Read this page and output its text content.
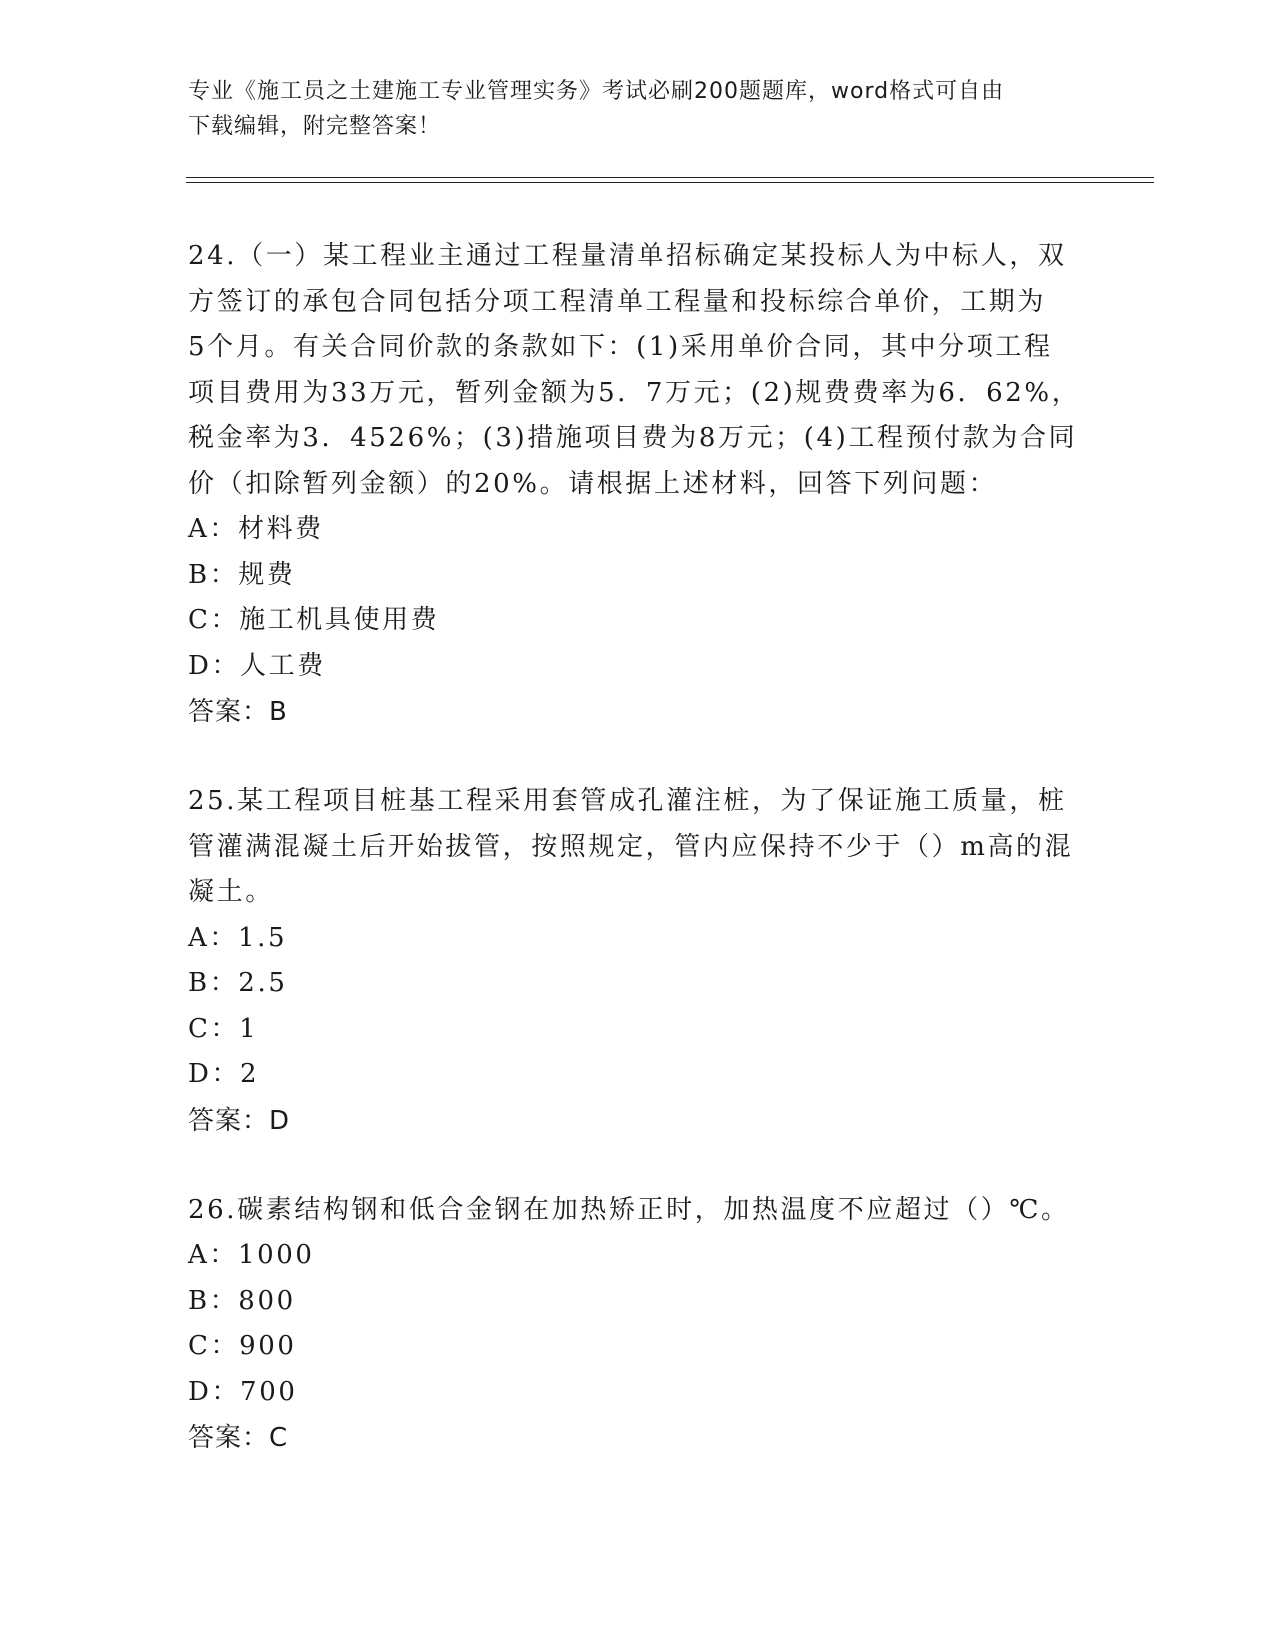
专业《施工员之土建施工专业管理实务》考试必刷200题题库，word格式可自由
下载编辑，附完整答案！

24.（一）某工程业主通过工程量清单招标确定某投标人为中标人，双
方签订的承包合同包括分项工程清单工程量和投标综合单价，工期为
5个月。有关合同价款的条款如下：(1)采用单价合同，其中分项工程
项目费用为33万元，暂列金额为5．7万元；(2)规费费率为6．62%，
税金率为3．4526%；(3)措施项目费为8万元；(4)工程预付款为合同
价（扣除暂列金额）的20%。请根据上述材料，回答下列问题：

A：材料费

B：规费

C：施工机具使用费

D：人工费

答案：B

25.某工程项目桩基工程采用套管成孔灌注桩，为了保证施工质量，桩
管灌满混凝土后开始拔管，按照规定，管内应保持不少于（）m高的混
凝土。

A：1.5

B：2.5

C：1

D：2

答案：D

26.碳素结构钢和低合金钢在加热矫正时，加热温度不应超过（）℃。

A：1000

B：800

C：900

D：700

答案：C
